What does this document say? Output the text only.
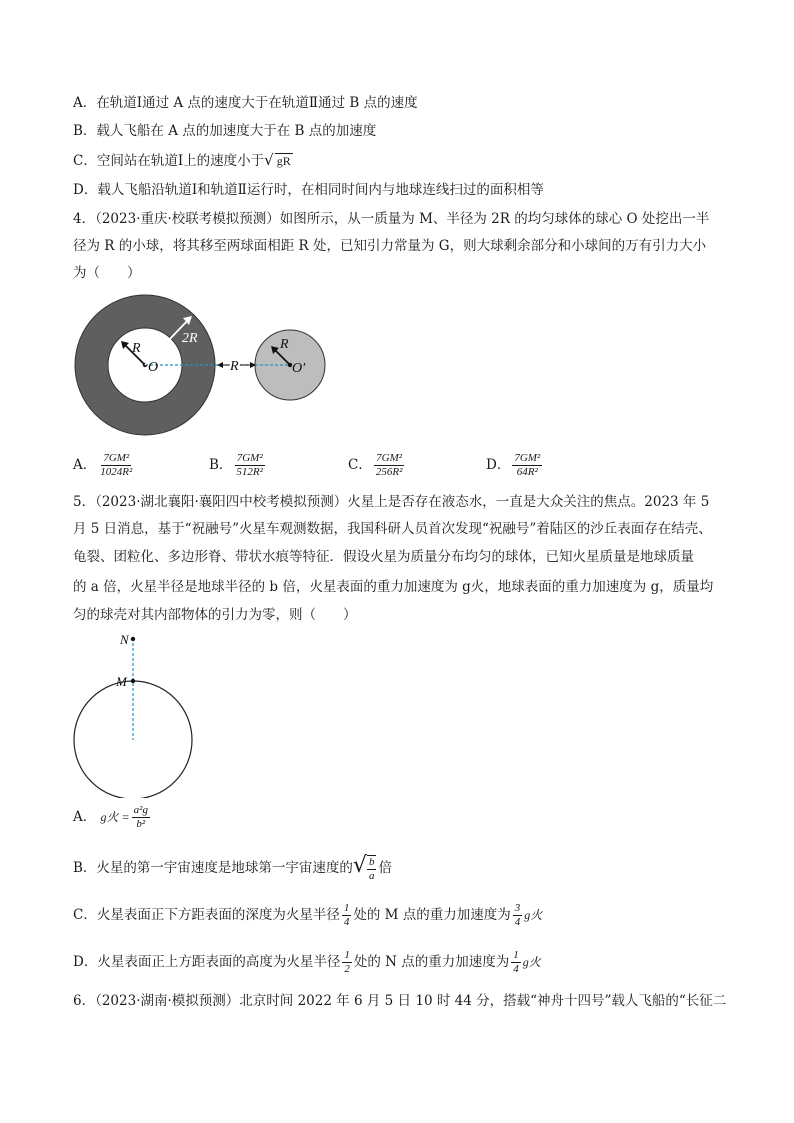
A．在轨道Ⅰ通过 A 点的速度大于在轨道Ⅱ通过 B 点的速度
B．载人飞船在 A 点的加速度大于在 B 点的加速度
C．空间站在轨道Ⅰ上的速度小于√ gR
D．载人飞船沿轨道Ⅰ和轨道Ⅱ运行时，在相同时间内与地球连线扫过的面积相等
4．（2023·重庆·校联考模拟预测）如图所示，从一质量为 M、半径为 2R 的均匀球体的球心 O 处挖出一半
径为 R 的小球，将其移至两球面相距 R 处，已知引力常量为 G，则大球剩余部分和小球间的万有引力大小
为（　　）
R
2R
O	R
R
O′
A． $\frac{\text{7GM²}}{\text{1024R²}}$	B． $\frac{\text{7GM²}}{\text{512R²}}$	C． $\frac{\text{7GM²}}{\text{256R²}}$	D． $\frac{\text{7GM²}}{\text{64R²}}$
5．（2023·湖北襄阳·襄阳四中校考模拟预测）火星上是否存在液态水，一直是大众关注的焦点。2023 年 5
月 5 日消息，基于“祝融号”火星车观测数据，我国科研人员首次发现“祝融号”着陆区的沙丘表面存在结壳、
龟裂、团粒化、多边形脊、带状水痕等特征．假设火星为质量分布均匀的球体，已知火星质量是地球质量
的 a 倍，火星半径是地球半径的 b 倍，火星表面的重力加速度为 g火，地球表面的重力加速度为 g，质量均
匀的球壳对其内部物体的引力为零，则（　　）
N
M
A． g火 = $\frac{\text{a²g}}{\text{b²}}$
B．火星的第一宇宙速度是地球第一宇宙速度的√ $\frac{b}{a}$ 倍
C．火星表面正下方距表面的深度为火星半径 $\frac{1}{4}$ 处的 M 点的重力加速度为 $\frac{3}{4}$ g火
D．火星表面正上方距表面的高度为火星半径 $\frac{1}{2}$ 处的 N 点的重力加速度为 $\frac{1}{4}$ g火
6．（2023·湖南·模拟预测）北京时间 2022 年 6 月 5 日 10 时 44 分，搭载“神舟十四号”载人飞船的“长征二
